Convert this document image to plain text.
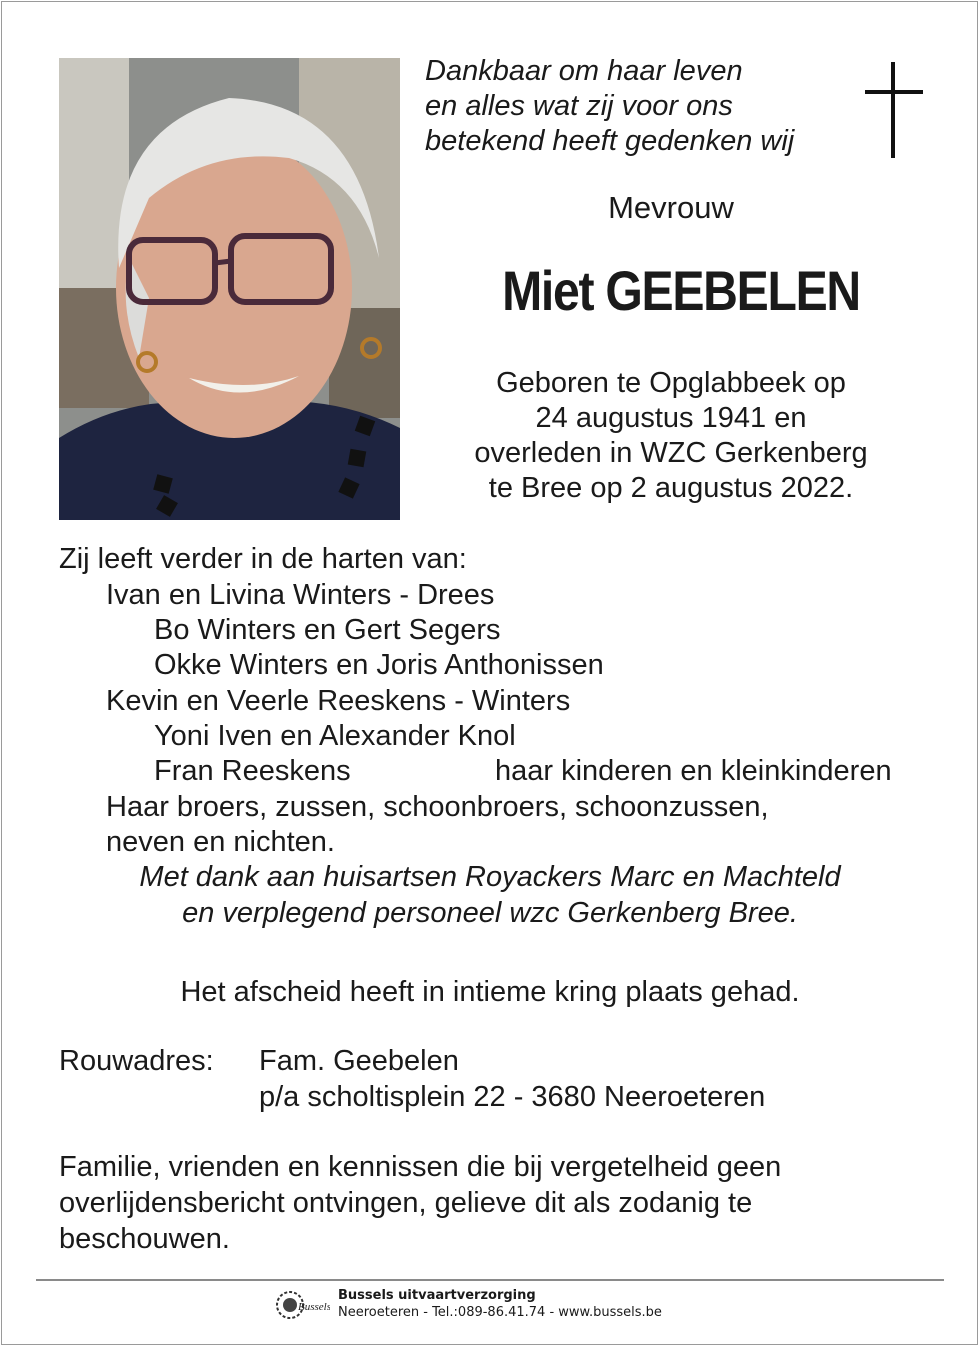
Dankbaar om haar leven
en alles wat zij voor ons
betekend heeft gedenken wij
Mevrouw
Miet GEEBELEN
Geboren te Opglabbeek op
24 augustus 1941 en
overleden in WZC Gerkenberg
te Bree op 2 augustus 2022.
Zij leeft verder in de harten van:
Ivan en Livina Winters - Drees
Bo Winters en Gert Segers
Okke Winters en Joris Anthonissen
Kevin en Veerle Reeskens - Winters
Yoni Iven en Alexander Knol
Fran Reeskens	haar kinderen en kleinkinderen
Haar broers, zussen, schoonbroers, schoonzussen,
neven en nichten.
Met dank aan huisartsen Royackers Marc en Machteld
en verplegend personeel wzc Gerkenberg Bree.
Het afscheid heeft in intieme kring plaats gehad.
Rouwadres: Fam. Geebelen
p/a scholtisplein 22 - 3680 Neeroeteren
Familie, vrienden en kennissen die bij vergetelheid geen
overlijdensbericht ontvingen, gelieve dit als zodanig te
beschouwen.
Bussels
Bussels uitvaartverzorging
Neeroeteren - Tel.:089-86.41.74 - www.bussels.be
